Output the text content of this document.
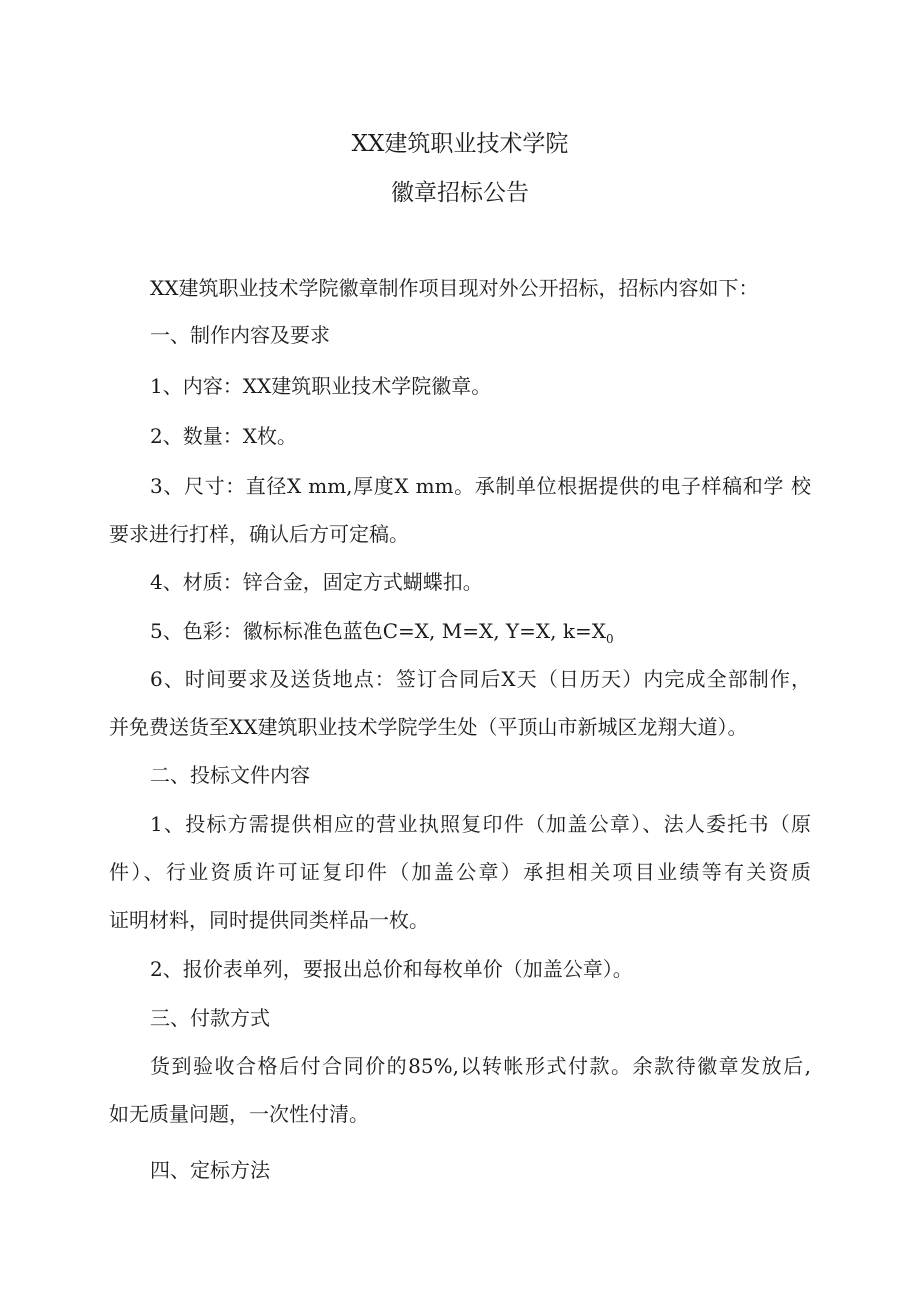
XX建筑职业技术学院
徽章招标公告

XX建筑职业技术学院徽章制作项目现对外公开招标，招标内容如下：

一、制作内容及要求

1、内容：XX建筑职业技术学院徽章。

2、数量：X枚。

3、尺寸：直径X mm,厚度X mm。承制单位根据提供的电子样稿和学 校

要求进行打样，确认后方可定稿。

4、材质：锌合金，固定方式蝴蝶扣。

5、色彩：徽标标准色蓝色C=X, M=X, Y=X, $k=X_0$

6、时间要求及送货地点：签订合同后X天（日历天）内完成全部制作，

并免费送货至XX建筑职业技术学院学生处（平顶山市新城区龙翔大道）。

二、投标文件内容

1、投标方需提供相应的营业执照复印件（加盖公章）、法人委托书（原

件）、行业资质许可证复印件（加盖公章）承担相关项目业绩等有关资质

证明材料，同时提供同类样品一枚。

2、报价表单列，要报出总价和每枚单价（加盖公章）。

三、付款方式

货到验收合格后付合同价的85%,以转帐形式付款。余款待徽章发放后,

如无质量问题，一次性付清。

四、定标方法
